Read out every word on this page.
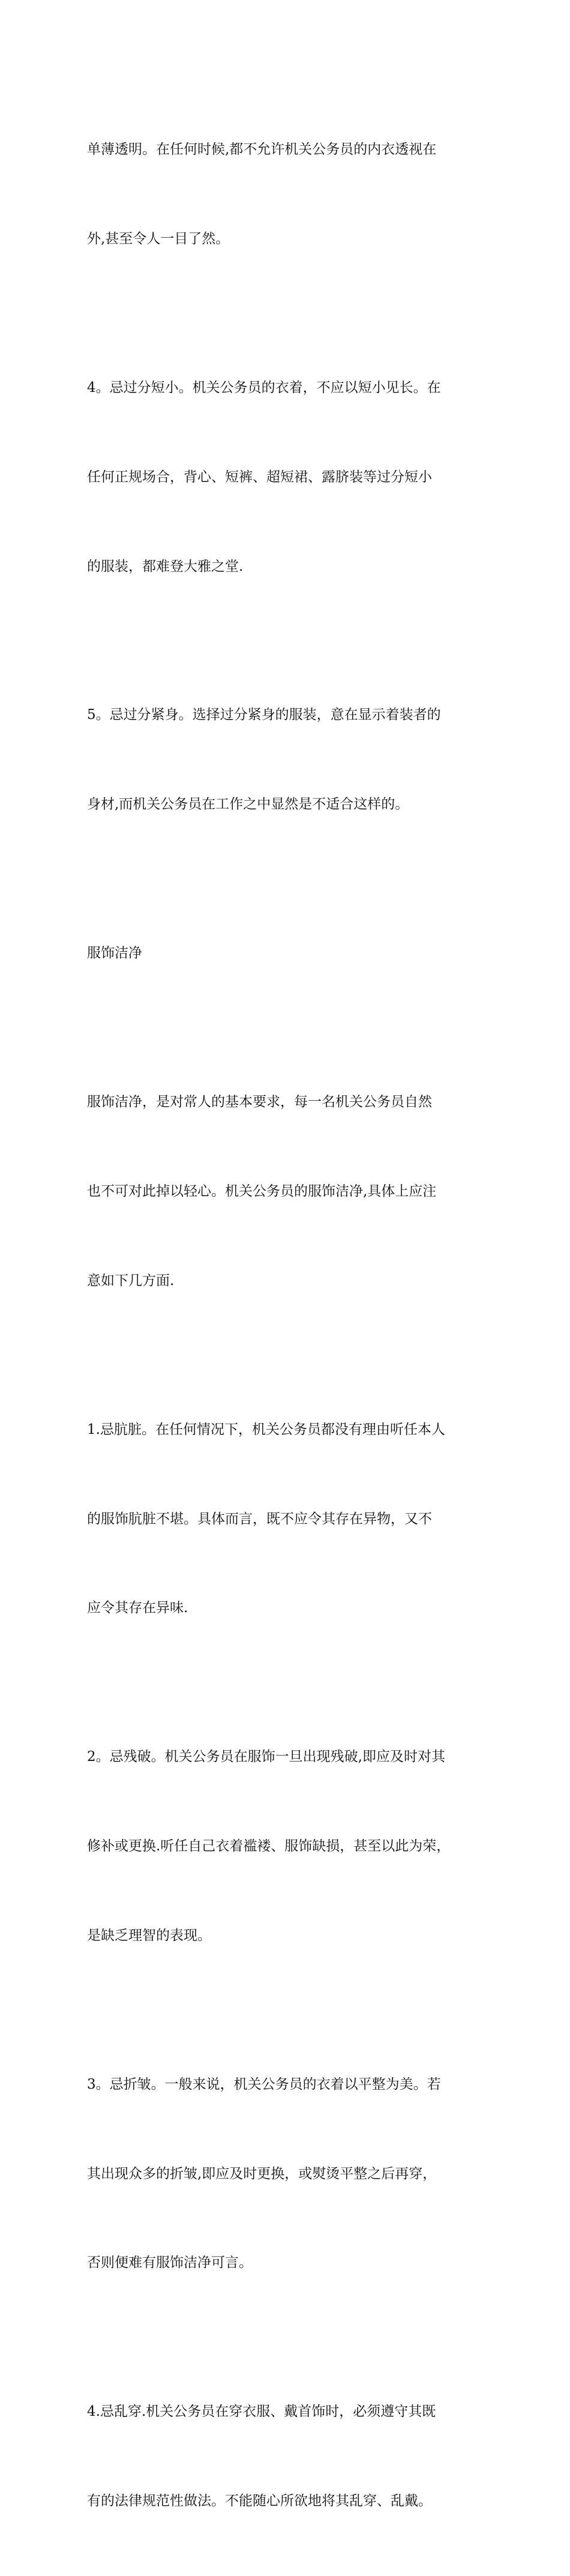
单薄透明。在任何时候,都不允许机关公务员的内衣透视在

外,甚至令人一目了然。

4。忌过分短小。机关公务员的衣着，不应以短小见长。在

任何正规场合，背心、短裤、超短裙、露脐装等过分短小

的服装，都难登大雅之堂.

5。忌过分紧身。选择过分紧身的服装，意在显示着装者的

身材,而机关公务员在工作之中显然是不适合这样的。

服饰洁净

服饰洁净，是对常人的基本要求，每一名机关公务员自然

也不可对此掉以轻心。机关公务员的服饰洁净,具体上应注

意如下几方面.

1.忌肮脏。在任何情况下，机关公务员都没有理由听任本人

的服饰肮脏不堪。具体而言，既不应令其存在异物，又不

应令其存在异味.

2。忌残破。机关公务员在服饰一旦出现残破,即应及时对其

修补或更换.听任自己衣着褴褛、服饰缺损，甚至以此为荣，

是缺乏理智的表现。

3。忌折皱。一般来说，机关公务员的衣着以平整为美。若

其出现众多的折皱,即应及时更换，或熨烫平整之后再穿，

否则便难有服饰洁净可言。

4.忌乱穿.机关公务员在穿衣服、戴首饰时，必须遵守其既

有的法律规范性做法。不能随心所欲地将其乱穿、乱戴。
